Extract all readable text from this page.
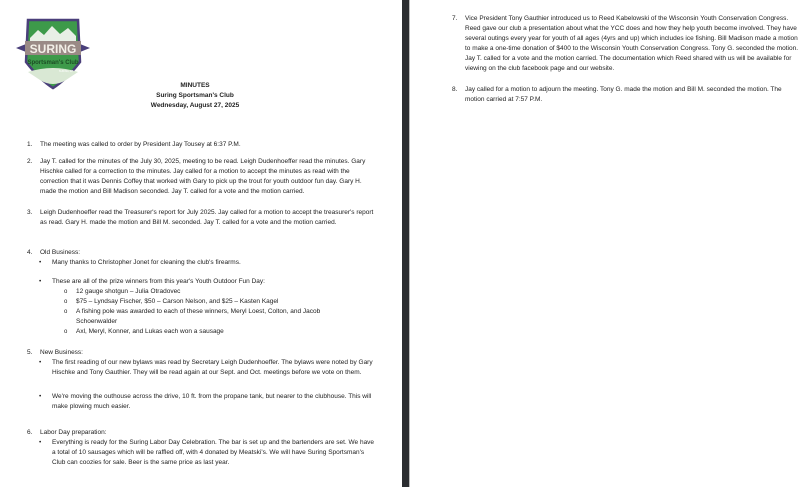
SURING
Sportsman's Club
SURING, WI
MINUTES
Suring Sportsman's Club
Wednesday, August 27, 2025
1. The meeting was called to order by President Jay Tousey at 6:37 P.M.
2. Jay T. called for the minutes of the July 30, 2025, meeting to be read. Leigh Dudenhoeffer read the minutes. Gary Hischke called for a correction to the minutes. Jay called for a motion to accept the minutes as read with the correction that it was Dennis Coffey that worked with Gary to pick up the trout for youth outdoor fun day. Gary H. made the motion and Bill Madison seconded. Jay T. called for a vote and the motion carried.
3. Leigh Dudenhoeffer read the Treasurer's report for July 2025. Jay called for a motion to accept the treasurer's report as read. Gary H. made the motion and Bill M. seconded. Jay T. called for a vote and the motion carried.
4. Old Business:
• Many thanks to Christopher Jonet for cleaning the club's firearms.
• These are all of the prize winners from this year's Youth Outdoor Fun Day:
o 12 gauge shotgun – Julia Otradovec
o $75 – Lyndsay Fischer, $50 – Carson Nelson, and $25 – Kasten Kagel
o A fishing pole was awarded to each of these winners, Meryl Loest, Colton, and Jacob Schoenwalder
o Axl, Meryl, Konner, and Lukas each won a sausage
5. New Business:
• The first reading of our new bylaws was read by Secretary Leigh Dudenhoeffer. The bylaws were noted by Gary Hischke and Tony Gauthier. They will be read again at our Sept. and Oct. meetings before we vote on them.
• We're moving the outhouse across the drive, 10 ft. from the propane tank, but nearer to the clubhouse. This will make plowing much easier.
6. Labor Day preparation:
• Everything is ready for the Suring Labor Day Celebration. The bar is set up and the bartenders are set. We have a total of 10 sausages which will be raffled off, with 4 donated by Meatski's. We will have Suring Sportsman's Club can coozies for sale. Beer is the same price as last year.
7. Vice President Tony Gauthier introduced us to Reed Kabelowski of the Wisconsin Youth Conservation Congress. Reed gave our club a presentation about what the YCC does and how they help youth become involved. They have several outings every year for youth of all ages (4yrs and up) which includes ice fishing. Bill Madison made a motion to make a one-time donation of $400 to the Wisconsin Youth Conservation Congress. Tony G. seconded the motion. Jay T. called for a vote and the motion carried. The documentation which Reed shared with us will be available for viewing on the club facebook page and our website.
8. Jay called for a motion to adjourn the meeting. Tony G. made the motion and Bill M. seconded the motion. The motion carried at 7:57 P.M.
